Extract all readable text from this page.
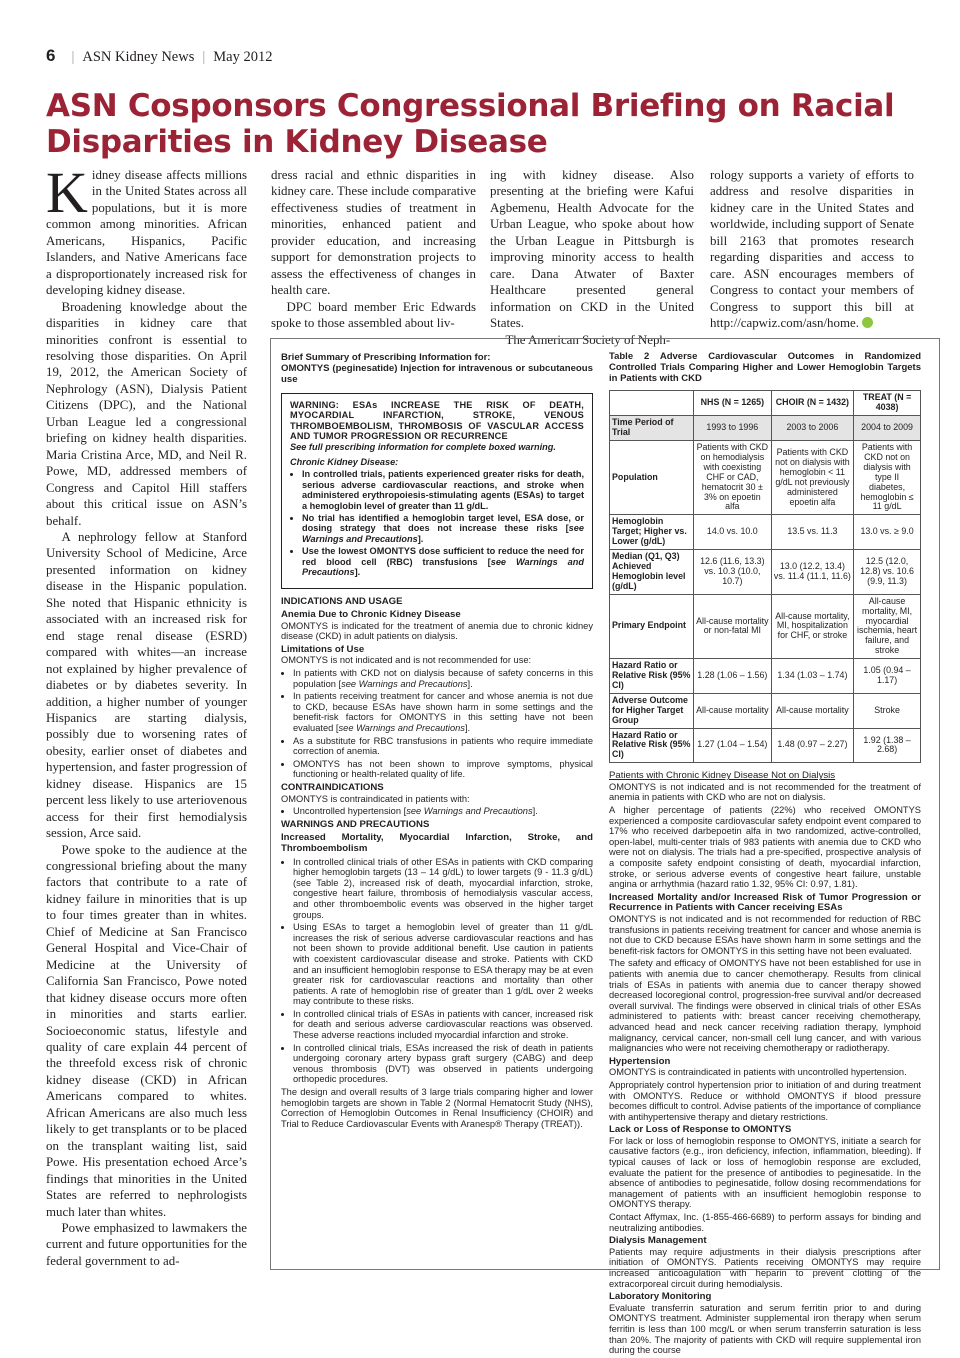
6 | ASN Kidney News | May 2012
ASN Cosponsors Congressional Briefing on Racial
Disparities in Kidney Disease

Kidney disease affects millions in the United States across all populations, but it is more common among minorities. African Americans, Hispanics, Pacific Islanders, and Native Americans face a disproportionately increased risk for developing kidney disease.

Broadening knowledge about the disparities in kidney care that minorities confront is essential to resolving those disparities. On April 19, 2012, the American Society of Nephrology (ASN), Dialysis Patient Citizens (DPC), and the National Urban League led a congressional briefing on kidney health disparities. Maria Cristina Arce, MD, and Neil R. Powe, MD, addressed members of Congress and Capitol Hill staffers about this critical issue on ASN’s behalf.

A nephrology fellow at Stanford University School of Medicine, Arce presented information on kidney disease in the Hispanic population. She noted that Hispanic ethnicity is associated with an increased risk for end stage renal disease (ESRD) compared with whites—an increase not explained by higher prevalence of diabetes or by diabetes severity. In addition, a higher number of younger Hispanics are starting dialysis, possibly due to worsening rates of obesity, earlier onset of diabetes and hypertension, and faster progression of kidney disease. Hispanics are 15 percent less likely to use arteriovenous access for their first hemodialysis session, Arce said.

Powe spoke to the audience at the congressional briefing about the many factors that contribute to a rate of kidney failure in minorities that is up to four times greater than in whites. Chief of Medicine at San Francisco General Hospital and Vice-Chair of Medicine at the University of California San Francisco, Powe noted that kidney disease occurs more often in minorities and starts earlier. Socioeconomic status, lifestyle and quality of care explain 44 percent of the threefold excess risk of chronic kidney disease (CKD) in African Americans compared to whites. African Americans are also much less likely to get transplants or to be placed on the transplant waiting list, said Powe. His presentation echoed Arce’s findings that minorities in the United States are referred to nephrologists much later than whites.

Powe emphasized to lawmakers the current and future opportunities for the federal government to ad-

dress racial and ethnic disparities in kidney care. These include comparative effectiveness studies of treatment in minorities, enhanced patient and provider education, and increasing support for demonstration projects to assess the effectiveness of changes in health care.

DPC board member Eric Edwards spoke to those assembled about liv-

ing with kidney disease. Also presenting at the briefing were Kafui Agbemenu, Health Advocate for the Urban League, who spoke about how the Urban League in Pittsburgh is improving minority access to health care. Dana Atwater of Baxter Healthcare presented general information on CKD in the United States.

The American Society of Neph-

rology supports a variety of efforts to address and resolve disparities in kidney care in the United States and worldwide, including support of Senate bill 2163 that promotes research regarding disparities and access to care. ASN encourages members of Congress to contact your members of Congress to support this bill at http://capwiz.com/asn/home.

Brief Summary of Prescribing Information for:
OMONTYS (peginesatide) Injection for intravenous or subcutaneous use
WARNING: ESAs INCREASE THE RISK OF DEATH, MYOCARDIAL INFARCTION, STROKE, VENOUS THROMBOEMBOLISM, THROMBOSIS OF VASCULAR ACCESS AND TUMOR PROGRESSION OR RECURRENCE
See full prescribing information for complete boxed warning.
Chronic Kidney Disease:
• In controlled trials, patients experienced greater risks for death, serious adverse cardiovascular reactions, and stroke when administered erythropoiesis-stimulating agents (ESAs) to target a hemoglobin level of greater than 11 g/dL.
• No trial has identified a hemoglobin target level, ESA dose, or dosing strategy that does not increase these risks [see Warnings and Precautions].
• Use the lowest OMONTYS dose sufficient to reduce the need for red blood cell (RBC) transfusions [see Warnings and Precautions].
INDICATIONS AND USAGE
Anemia Due to Chronic Kidney Disease

OMONTYS is indicated for the treatment of anemia due to chronic kidney disease (CKD) in adult patients on dialysis.

Limitations of Use

OMONTYS is not indicated and is not recommended for use:

• In patients with CKD not on dialysis because of safety concerns in this population [see Warnings and Precautions].
• In patients receiving treatment for cancer and whose anemia is not due to CKD, because ESAs have shown harm in some settings and the benefit-risk factors for OMONTYS in this setting have not been evaluated [see Warnings and Precautions].
• As a substitute for RBC transfusions in patients who require immediate correction of anemia.
• OMONTYS has not been shown to improve symptoms, physical functioning or health-related quality of life.
CONTRAINDICATIONS

OMONTYS is contraindicated in patients with:

• Uncontrolled hypertension [see Warnings and Precautions].
WARNINGS AND PRECAUTIONS
Increased Mortality, Myocardial Infarction, Stroke, and Thromboembolism
• In controlled clinical trials of other ESAs in patients with CKD comparing higher hemoglobin targets (13 – 14 g/dL) to lower targets (9 - 11.3 g/dL) (see Table 2), increased risk of death, myocardial infarction, stroke, congestive heart failure, thrombosis of hemodialysis vascular access, and other thromboembolic events was observed in the higher target groups.
• Using ESAs to target a hemoglobin level of greater than 11 g/dL increases the risk of serious adverse cardiovascular reactions and has not been shown to provide additional benefit. Use caution in patients with coexistent cardiovascular disease and stroke. Patients with CKD and an insufficient hemoglobin response to ESA therapy may be at even greater risk for cardiovascular reactions and mortality than other patients. A rate of hemoglobin rise of greater than 1 g/dL over 2 weeks may contribute to these risks.
• In controlled clinical trials of ESAs in patients with cancer, increased risk for death and serious adverse cardiovascular reactions was observed. These adverse reactions included myocardial infarction and stroke.
• In controlled clinical trials, ESAs increased the risk of death in patients undergoing coronary artery bypass graft surgery (CABG) and deep venous thrombosis (DVT) was observed in patients undergoing orthopedic procedures.

The design and overall results of 3 large trials comparing higher and lower hemoglobin targets are shown in Table 2 (Normal Hematocrit Study (NHS), Correction of Hemoglobin Outcomes in Renal Insufficiency (CHOIR) and Trial to Reduce Cardiovascular Events with Aranesp® Therapy (TREAT)).

Table 2 Adverse Cardiovascular Outcomes in Randomized Controlled Trials Comparing Higher and Lower Hemoglobin Targets in Patients with CKD
	NHS (N = 1265)	CHOIR (N = 1432)	TREAT (N = 4038)
Time Period of Trial	1993 to 1996	2003 to 2006	2004 to 2009
Population	Patients with CKD on hemodialysis with coexisting CHF or CAD, hematocrit 30 ± 3% on epoetin alfa	Patients with CKD not on dialysis with hemoglobin < 11 g/dL not previously administered epoetin alfa	Patients with CKD not on dialysis with type II diabetes, hemoglobin ≤ 11 g/dL
Hemoglobin Target; Higher vs. Lower (g/dL)	14.0 vs. 10.0	13.5 vs. 11.3	13.0 vs. ≥ 9.0
Median (Q1, Q3) Achieved Hemoglobin level (g/dL)	12.6 (11.6, 13.3) vs. 10.3 (10.0, 10.7)	13.0 (12.2, 13.4) vs. 11.4 (11.1, 11.6)	12.5 (12.0, 12.8) vs. 10.6 (9.9, 11.3)
Primary Endpoint	All-cause mortality or non-fatal MI	All-cause mortality, MI, hospitalization for CHF, or stroke	All-cause mortality, MI, myocardial ischemia, heart failure, and stroke
Hazard Ratio or Relative Risk (95% CI)	1.28 (1.06 – 1.56)	1.34 (1.03 – 1.74)	1.05 (0.94 – 1.17)
Adverse Outcome for Higher Target Group	All-cause mortality	All-cause mortality	Stroke
Hazard Ratio or Relative Risk (95% CI)	1.27 (1.04 – 1.54)	1.48 (0.97 – 2.27)	1.92 (1.38 – 2.68)
Patients with Chronic Kidney Disease Not on Dialysis

OMONTYS is not indicated and is not recommended for the treatment of anemia in patients with CKD who are not on dialysis.

A higher percentage of patients (22%) who received OMONTYS experienced a composite cardiovascular safety endpoint event compared to 17% who received darbepoetin alfa in two randomized, active-controlled, open-label, multi-center trials of 983 patients with anemia due to CKD who were not on dialysis. The trials had a pre-specified, prospective analysis of a composite safety endpoint consisting of death, myocardial infarction, stroke, or serious adverse events of congestive heart failure, unstable angina or arrhythmia (hazard ratio 1.32, 95% CI: 0.97, 1.81).

Increased Mortality and/or Increased Risk of Tumor Progression or Recurrence in Patients with Cancer receiving ESAs

OMONTYS is not indicated and is not recommended for reduction of RBC transfusions in patients receiving treatment for cancer and whose anemia is not due to CKD because ESAs have shown harm in some settings and the benefit-risk factors for OMONTYS in this setting have not been evaluated.

The safety and efficacy of OMONTYS have not been established for use in patients with anemia due to cancer chemotherapy. Results from clinical trials of ESAs in patients with anemia due to cancer therapy showed decreased locoregional control, progression-free survival and/or decreased overall survival. The findings were observed in clinical trials of other ESAs administered to patients with: breast cancer receiving chemotherapy, advanced head and neck cancer receiving radiation therapy, lymphoid malignancy, cervical cancer, non-small cell lung cancer, and with various malignancies who were not receiving chemotherapy or radiotherapy.

Hypertension

OMONTYS is contraindicated in patients with uncontrolled hypertension.

Appropriately control hypertension prior to initiation of and during treatment with OMONTYS. Reduce or withhold OMONTYS if blood pressure becomes difficult to control. Advise patients of the importance of compliance with antihypertensive therapy and dietary restrictions.

Lack or Loss of Response to OMONTYS

For lack or loss of hemoglobin response to OMONTYS, initiate a search for causative factors (e.g., iron deficiency, infection, inflammation, bleeding). If typical causes of lack or loss of hemoglobin response are excluded, evaluate the patient for the presence of antibodies to peginesatide. In the absence of antibodies to peginesatide, follow dosing recommendations for management of patients with an insufficient hemoglobin response to OMONTYS therapy.

Contact Affymax, Inc. (1-855-466-6689) to perform assays for binding and neutralizing antibodies.

Dialysis Management

Patients may require adjustments in their dialysis prescriptions after initiation of OMONTYS. Patients receiving OMONTYS may require increased anticoagulation with heparin to prevent clotting of the extracorporeal circuit during hemodialysis.

Laboratory Monitoring

Evaluate transferrin saturation and serum ferritin prior to and during OMONTYS treatment. Administer supplemental iron therapy when serum ferritin is less than 100 mcg/L or when serum transferrin saturation is less than 20%. The majority of patients with CKD will require supplemental iron during the course
